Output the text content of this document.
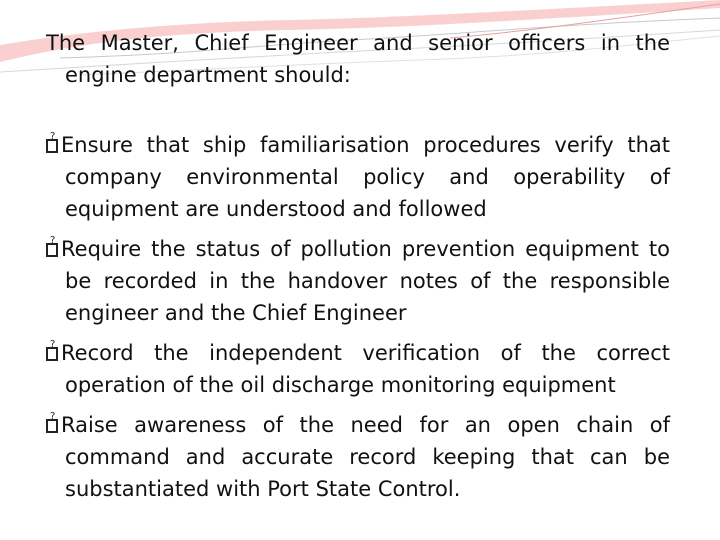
The Master, Chief Engineer and senior officers in the engine department should:

?Ensure that ship familiarisation procedures verify that company environmental policy and operability of equipment are understood and followed
?Require the status of pollution prevention equipment to be recorded in the handover notes of the responsible engineer and the Chief Engineer
?Record the independent verification of the correct operation of the oil discharge monitoring equipment
?Raise awareness of the need for an open chain of command and accurate record keeping that can be substantiated with Port State Control.
